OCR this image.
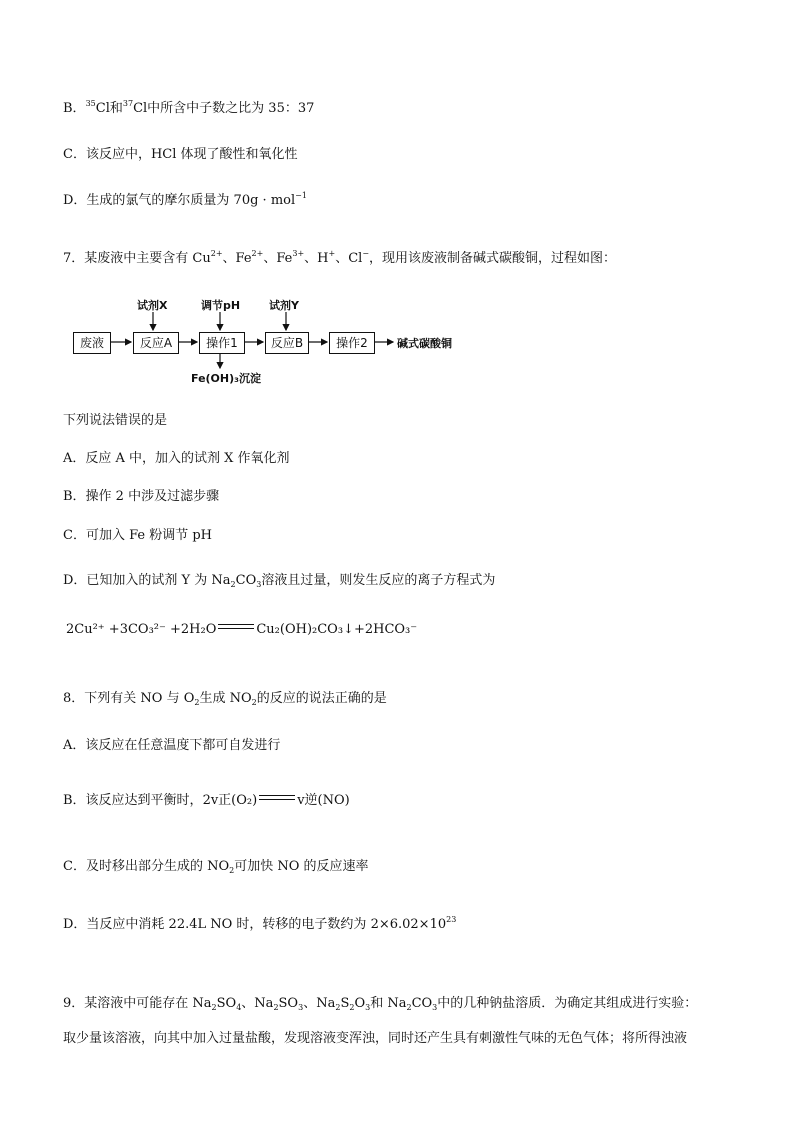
B．$^{35}$Cl和$^{37}$Cl中所含中子数之比为 35：37
C．该反应中，HCl 体现了酸性和氧化性
D．生成的氯气的摩尔质量为 70g · mol$^{-1}$
7．某废液中主要含有 $Cu^{2+}$、$Fe^{2+}$、$Fe^{3+}$、H+、Cl−，现用该废液制备碱式碳酸铜，过程如图：
试剂X	调节pH	试剂Y
废液	反应A	操作1	反应B	操作2	碱式碳酸铜
Fe(OH)₃沉淀
下列说法错误的是
A．反应 A 中，加入的试剂 X 作氧化剂
B．操作 2 中涉及过滤步骤
C．可加入 Fe 粉调节 pH
D．已知加入的试剂 Y 为 $Na_2CO_3$溶液且过量，则发生反应的离子方程式为
2Cu²⁺ +3CO₃²⁻ +2H₂O	Cu₂(OH)₂CO₃↓+2HCO₃⁻
8．下列有关 NO 与 $O_2$生成 $NO_2$的反应的说法正确的是
A．该反应在任意温度下都可自发进行
B．该反应达到平衡时，2v正(O₂)	v逆(NO)
C．及时移出部分生成的 $NO_2$可加快 NO 的反应速率
D．当反应中消耗 22.4L NO 时，转移的电子数约为 $2\times 6.02\times 10^{23}$
9．某溶液中可能存在 $Na_2SO_4$、$Na_2SO_3$、$Na_2S_2O_3$和 $Na_2CO_3$中的几种钠盐溶质．为确定其组成进行实验：
取少量该溶液，向其中加入过量盐酸，发现溶液变浑浊，同时还产生具有刺激性气味的无色气体；将所得浊液
